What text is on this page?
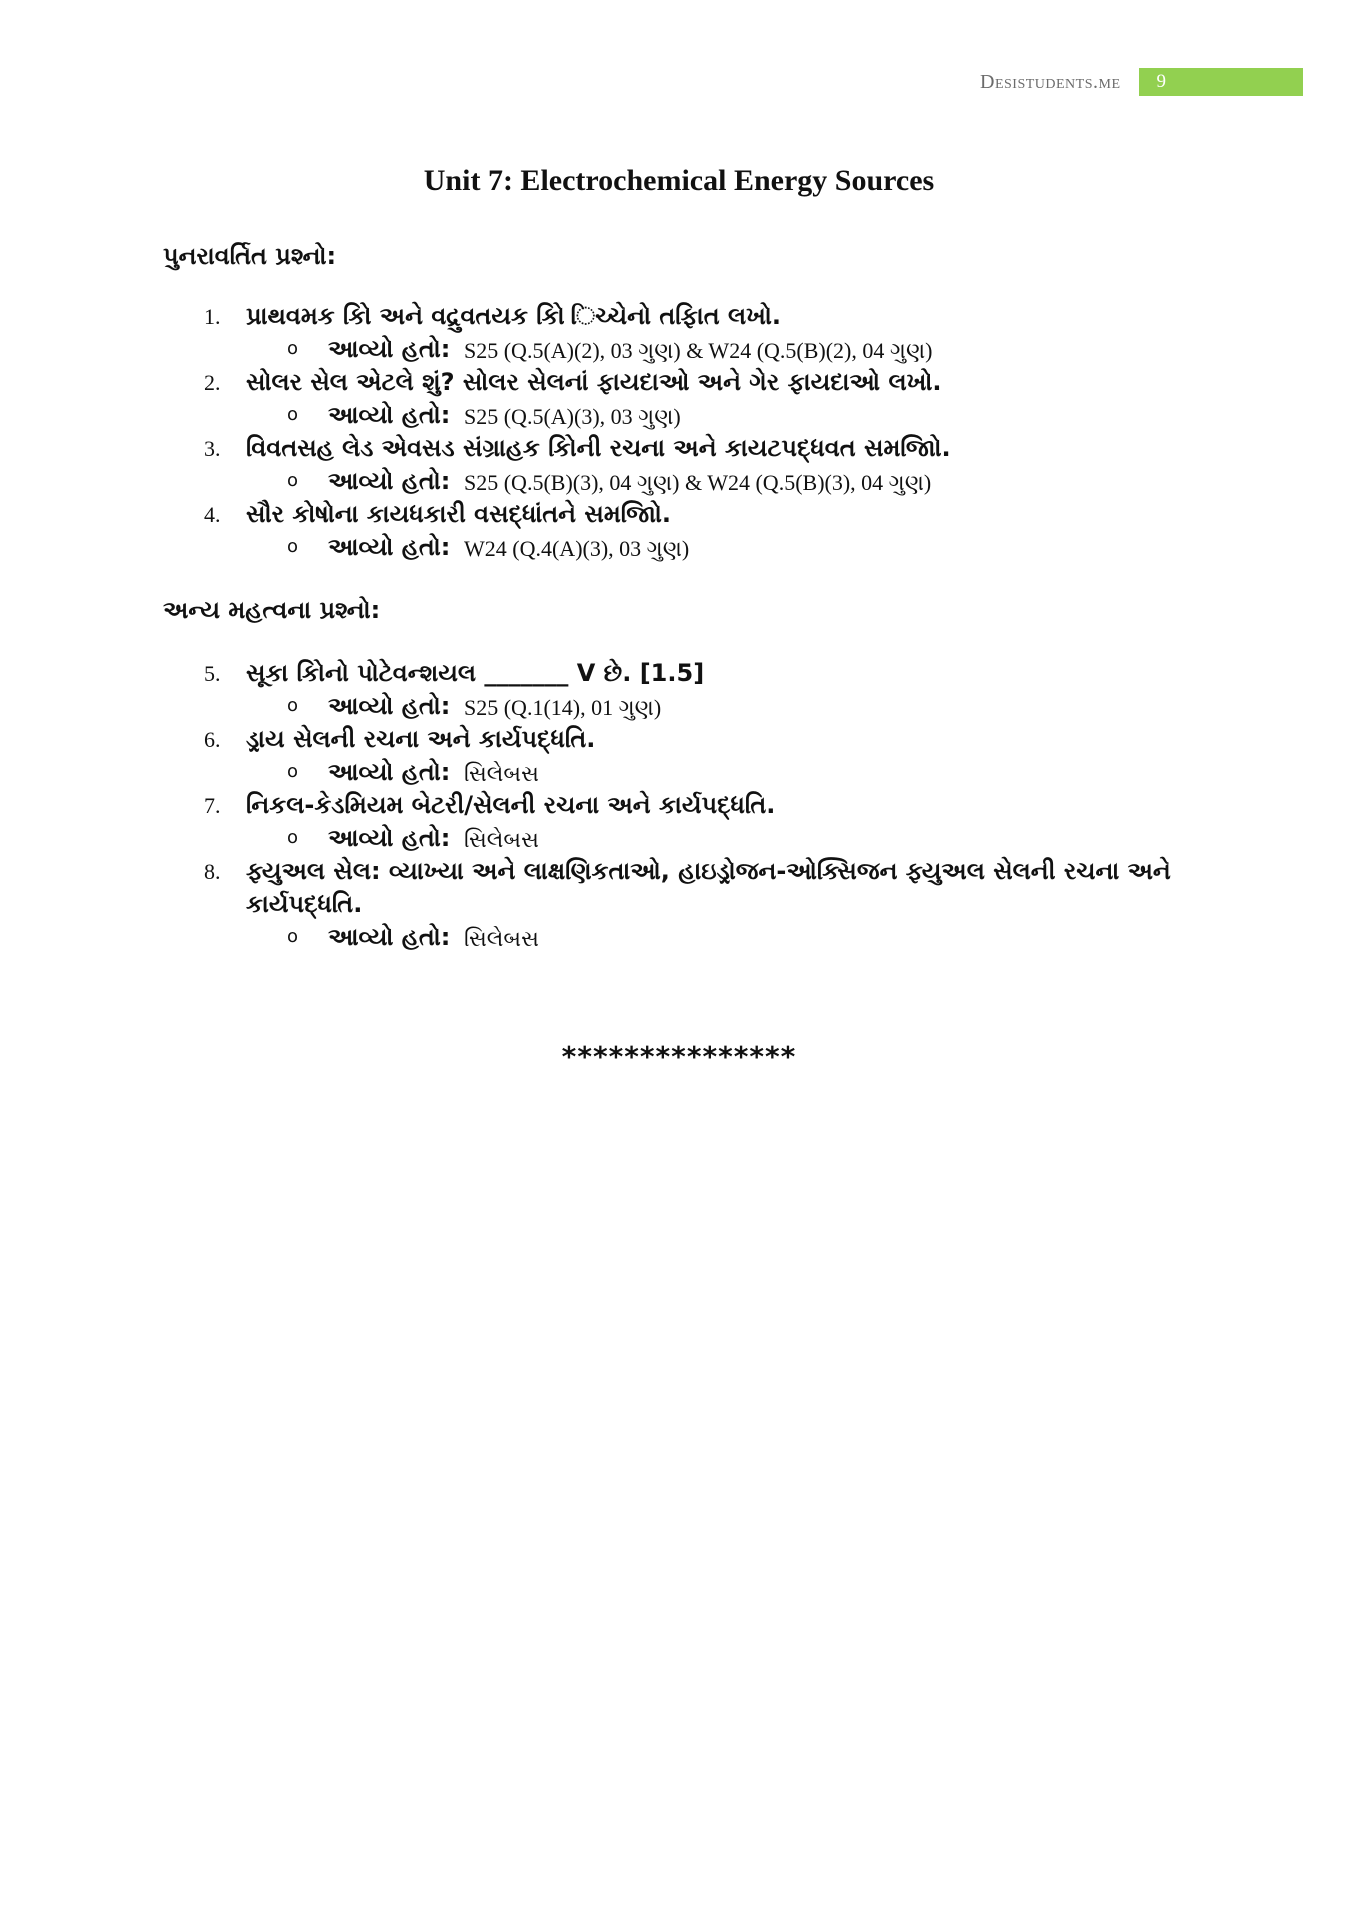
Desistudents.me	9
Unit 7: Electrochemical Energy Sources
પુનરાવર્તિત પ્રશ્નો:
1. પ્રાથવમક કોિ અને વદ્રુવતયક કોિ િચ્ચેનો તફાિત લખો.
o આવ્યો હતો: S25 (Q.5(A)(2), 03 ગુણ) & W24 (Q.5(B)(2), 04 ગુણ)
2. સોલર સેલ એટલે શું? સોલર સેલનાં ફાયદાઓ અને ગેર ફાયદાઓ લખો.
o આવ્યો હતો: S25 (Q.5(A)(3), 03 ગુણ)
3. વિવતસહ લેડ એવસડ સંગ્રાહક કોિની રચના અને કાયટપદ્ધવત સમજાિો.
o આવ્યો હતો: S25 (Q.5(B)(3), 04 ગુણ) & W24 (Q.5(B)(3), 04 ગુણ)
4. સૌર કોષોના કાયધકારી વસદ્ધાંતને સમજાિો.
o આવ્યો હતો: W24 (Q.4(A)(3), 03 ગુણ)
અન્ય મહત્વના પ્રશ્નો:
5. સૂકા કોિનો પોટેવન્શયલ _______ V છે. [1.5]
o આવ્યો હતો: S25 (Q.1(14), 01 ગુણ)
6. ડ્રાય સેલની રચના અને કાર્યપદ્ધતિ.
o આવ્યો હતો: સિલેબસ
7. નિકલ-કેડમિયમ બેટરી/સેલની રચના અને કાર્યપદ્ધતિ.
o આવ્યો હતો: સિલેબસ
8. ફ્યુઅલ સેલ: વ્યાખ્યા અને લાક્ષણિકતાઓ, હાઇડ્રોજન-ઓક્સિજન ફ્યુઅલ સેલની રચના અને કાર્યપદ્ધતિ.
o આવ્યો હતો: સિલેબસ
***************
